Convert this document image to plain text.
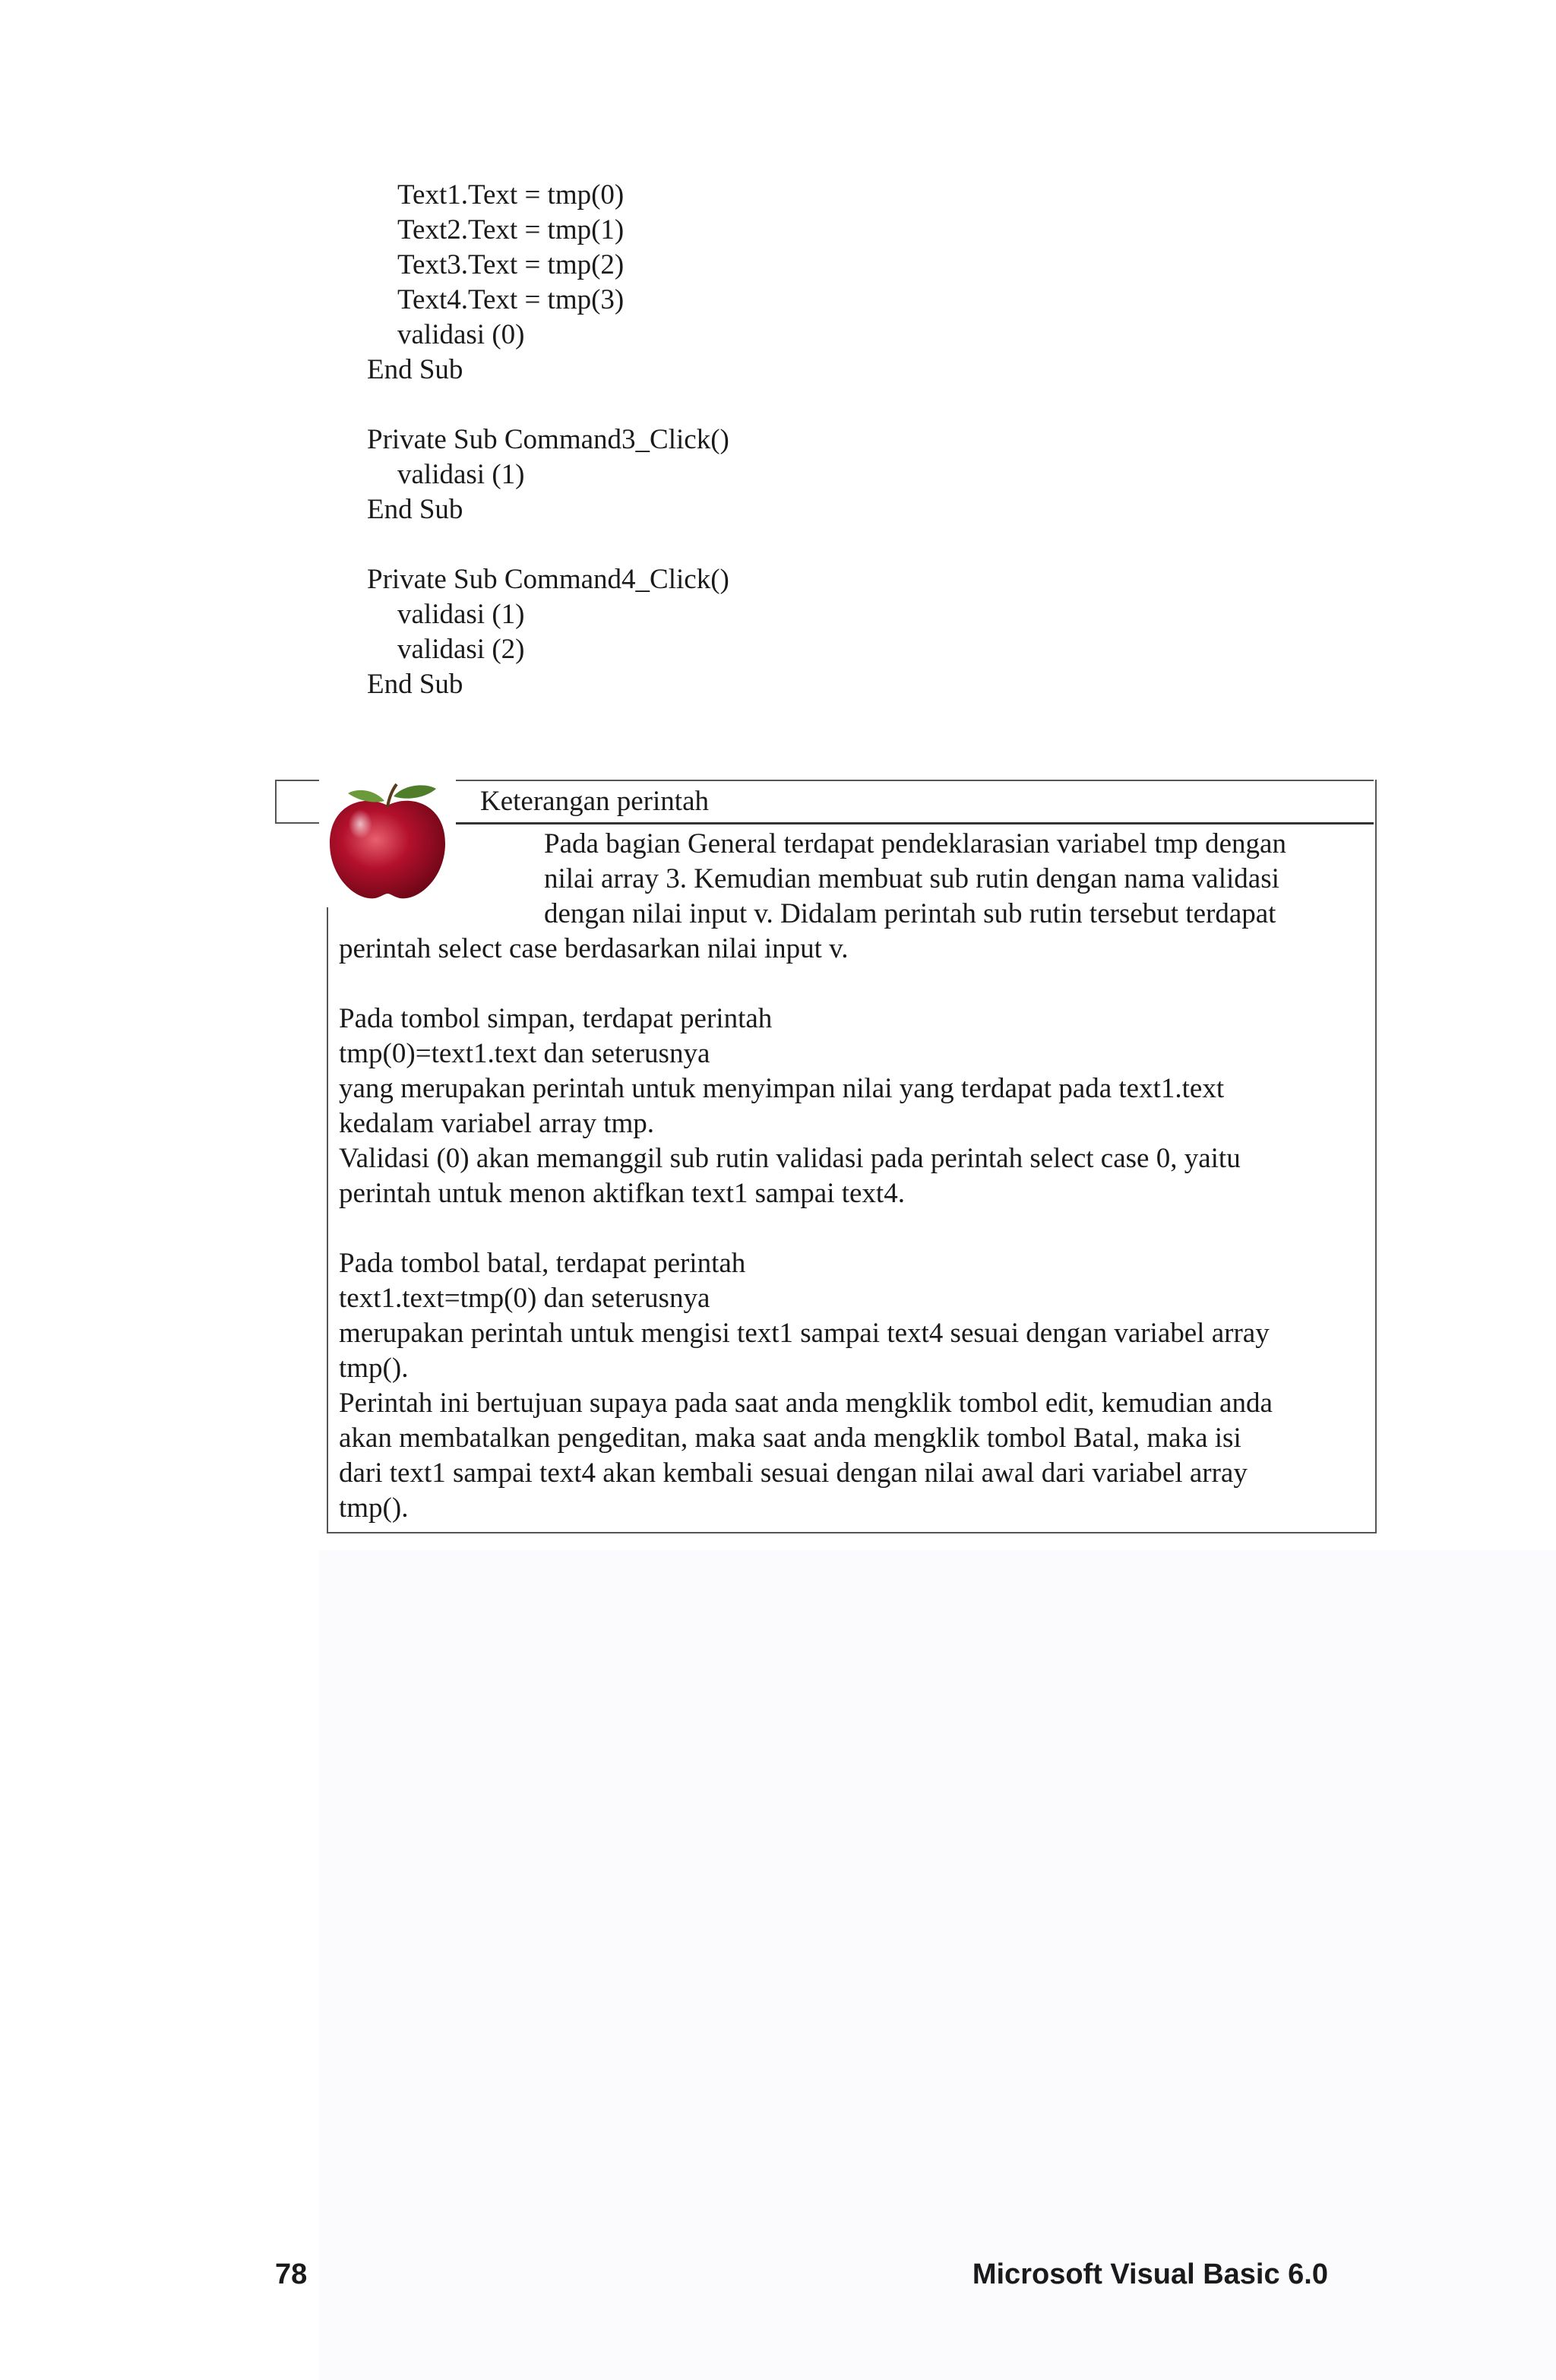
Text1.Text = tmp(0)
Text2.Text = tmp(1)
Text3.Text = tmp(2)
Text4.Text = tmp(3)
validasi (0)
End Sub
Private Sub Command3_Click()
validasi (1)
End Sub
Private Sub Command4_Click()
validasi (1)
validasi (2)
End Sub
Keterangan perintah
Pada bagian General terdapat pendeklarasian variabel tmp dengan
nilai array 3. Kemudian membuat sub rutin dengan nama validasi
dengan nilai input v. Didalam perintah sub rutin tersebut terdapat
perintah select case berdasarkan nilai input v.
Pada tombol simpan, terdapat perintah
tmp(0)=text1.text dan seterusnya
yang merupakan perintah untuk menyimpan nilai yang terdapat pada text1.text
kedalam variabel array tmp.
Validasi (0) akan memanggil sub rutin validasi pada perintah select case 0, yaitu
perintah untuk menon aktifkan text1 sampai text4.
Pada tombol batal, terdapat perintah
text1.text=tmp(0) dan seterusnya
merupakan perintah untuk mengisi text1 sampai text4 sesuai dengan variabel array
tmp().
Perintah ini bertujuan supaya pada saat anda mengklik tombol edit, kemudian anda
akan membatalkan pengeditan, maka saat anda mengklik tombol Batal, maka isi
dari text1 sampai text4 akan kembali sesuai dengan nilai awal dari variabel array
tmp().
78	Microsoft Visual Basic 6.0
